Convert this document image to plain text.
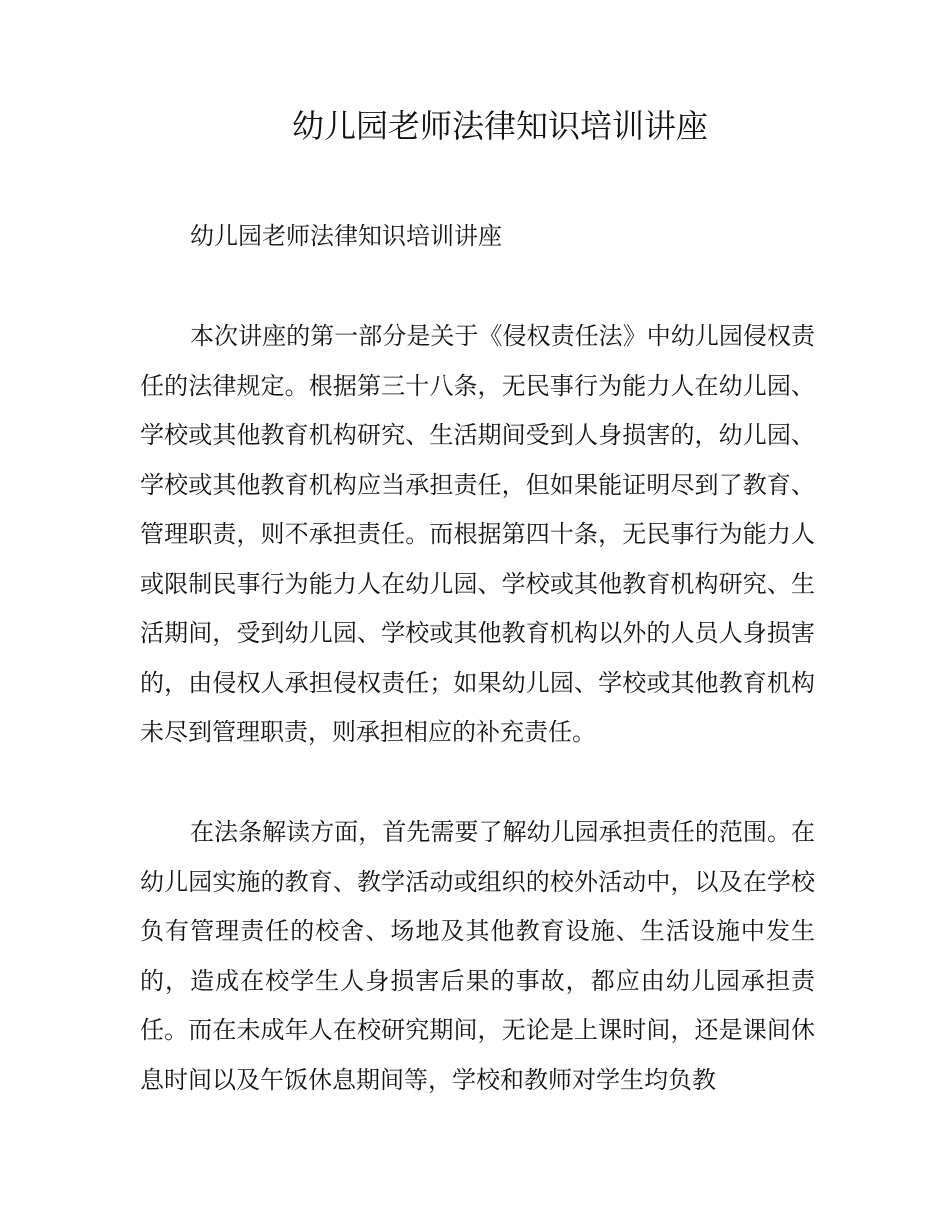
幼儿园老师法律知识培训讲座

幼儿园老师法律知识培训讲座

本次讲座的第一部分是关于《侵权责任法》中幼儿园侵权责任的法律规定。根据第三十八条，无民事行为能力人在幼儿园、学校或其他教育机构研究、生活期间受到人身损害的，幼儿园、学校或其他教育机构应当承担责任，但如果能证明尽到了教育、管理职责，则不承担责任。而根据第四十条，无民事行为能力人或限制民事行为能力人在幼儿园、学校或其他教育机构研究、生活期间，受到幼儿园、学校或其他教育机构以外的人员人身损害的，由侵权人承担侵权责任；如果幼儿园、学校或其他教育机构未尽到管理职责，则承担相应的补充责任。

在法条解读方面，首先需要了解幼儿园承担责任的范围。在幼儿园实施的教育、教学活动或组织的校外活动中，以及在学校负有管理责任的校舍、场地及其他教育设施、生活设施中发生的，造成在校学生人身损害后果的事故，都应由幼儿园承担责任。而在未成年人在校研究期间，无论是上课时间，还是课间休息时间以及午饭休息期间等，学校和教师对学生均负教
